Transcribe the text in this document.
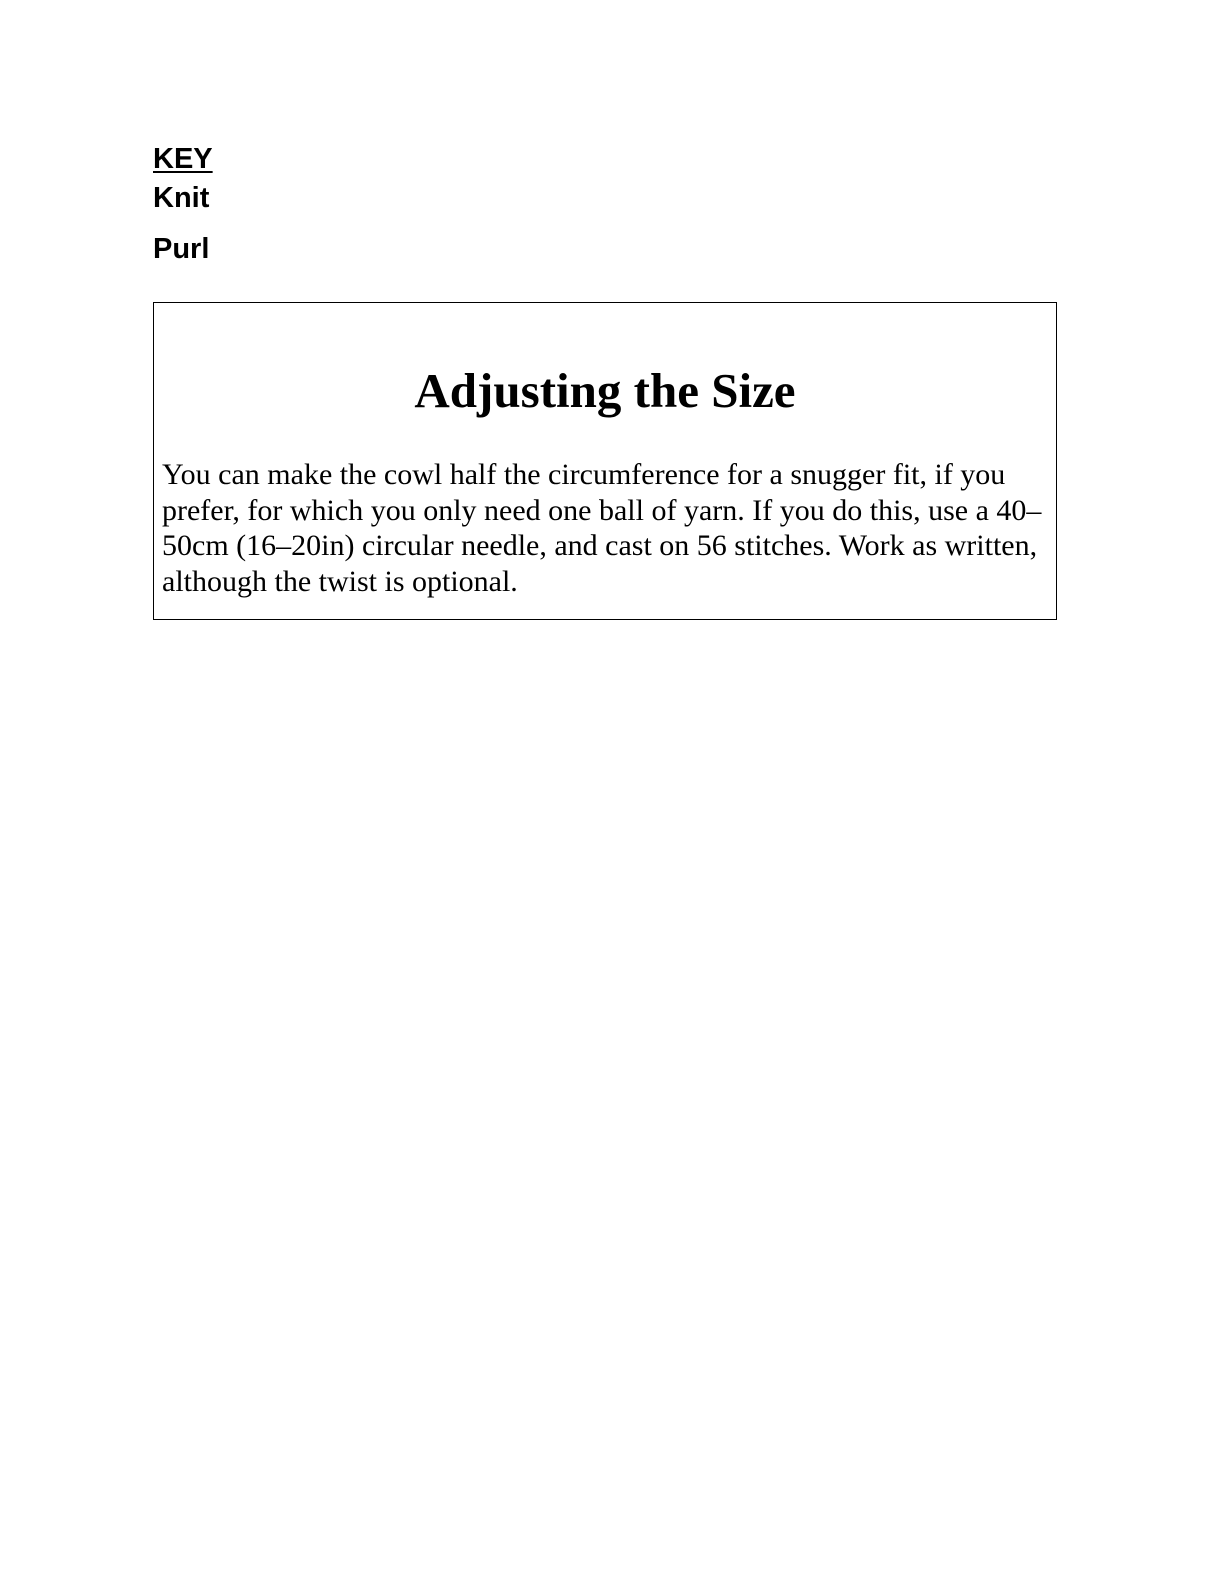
KEY
Knit
Purl
Adjusting the Size

You can make the cowl half the circumference for a snugger fit, if you prefer, for which you only need one ball of yarn. If you do this, use a 40–50cm (16–20in) circular needle, and cast on 56 stitches. Work as written, although the twist is optional.
